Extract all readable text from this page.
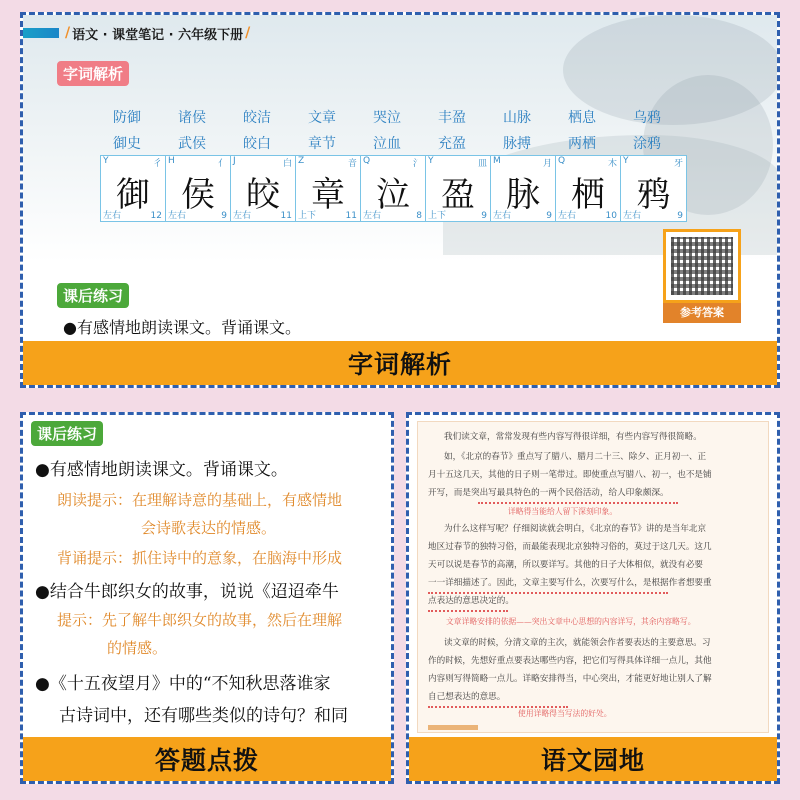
/ 语文 · 课堂笔记 · 六年级下册 /
字词解析
防御	诸侯	皎洁	文章	哭泣	丰盈	山脉	栖息	乌鸦
御史	武侯	皎白	章节	泣血	充盈	脉搏	两栖	涂鸦
Y	彳
御
左右	12
H	亻
侯
左右	9
J	白
皎
左右	11
Z	音
章
上下	11
Q	氵
泣
左右	8
Y	皿
盈
上下	9
M	月
脉
左右	9
Q	木
栖
左右	10
Y	牙
鸦
左右	9
参考答案
课后练习
●有感情地朗读课文。背诵课文。
字词解析
课后练习
●有感情地朗读课文。背诵课文。
朗读提示：在理解诗意的基础上，有感情地
会诗歌表达的情感。
背诵提示：抓住诗中的意象，在脑海中形成
●结合牛郎织女的故事，说说《迢迢牵牛
提示：先了解牛郎织女的故事，然后在理解
的情感。
●《十五夜望月》中的“不知秋思落谁家
古诗词中，还有哪些类似的诗句？和同
答题点拨

我们读文章，常常发现有些内容写得很详细，有些内容写得很简略。

如，《北京的春节》重点写了腊八、腊月二十三、除夕、正月初一、正

月十五这几天，其他的日子则一笔带过。即使重点写腊八、初一，也不是铺

开写，而是突出写最具特色的一两个民俗活动，给人印象颇深。

为什么这样写呢？仔细阅读就会明白，《北京的春节》讲的是当年北京

地区过春节的独特习俗，而最能表现北京独特习俗的，莫过于这几天。这几

天可以说是春节的高潮，所以要详写。其他的日子大体相似，就没有必要

一一详细描述了。因此，文章主要写什么，次要写什么，是根据作者想要重

点表达的意思决定的。

读文章的时候，分清文章的主次，就能领会作者要表达的主要意思。习

作的时候，先想好重点要表达哪些内容，把它们写得具体详细一点儿，其他

内容则写得简略一点儿。详略安排得当，中心突出，才能更好地让别人了解

自己想表达的意思。

详略得当能给人留下深刻印象。
文章详略安排的依据——突出文章中心思想的内容详写，其余内容略写。
使用详略得当写法的好处。
语文园地
